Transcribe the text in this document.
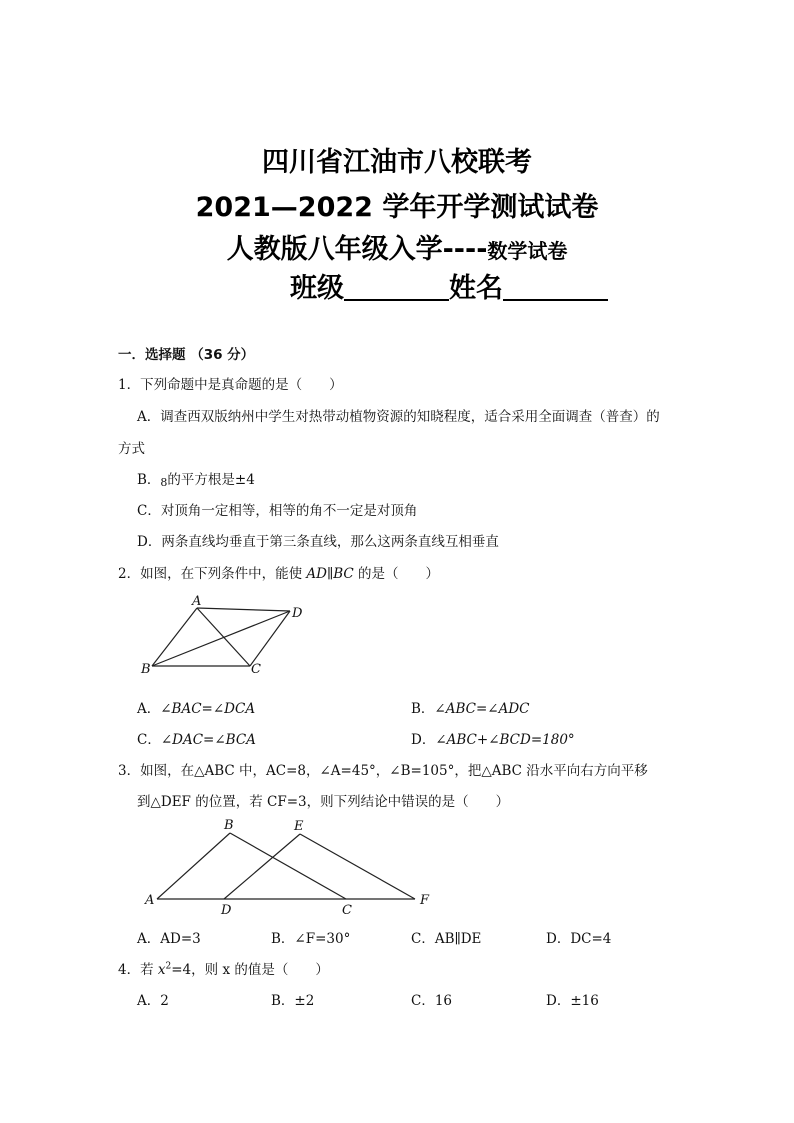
四川省江油市八校联考
2021—2022 学年开学测试试卷
人教版八年级入学----数学试卷
班级	姓名
一．选择题 （36 分）
1．下列命题中是真命题的是（　　）
A．调查西双版纳州中学生对热带动植物资源的知晓程度，适合采用全面调查（普查）的
方式
B．8的平方根是±4
C．对顶角一定相等，相等的角不一定是对顶角
D．两条直线均垂直于第三条直线，那么这两条直线互相垂直
2．如图，在下列条件中，能使 AD∥BC 的是（　　）
A
D
B	C
A．∠BAC=∠DCA	B．∠ABC=∠ADC
C．∠DAC=∠BCA	D．∠ABC+∠BCD=180°
3．如图，在△ABC 中，AC=8，∠A=45°，∠B=105°，把△ABC 沿水平向右方向平移
到△DEF 的位置，若 CF=3，则下列结论中错误的是（　　）
B	E
A
D	C
F
A．AD=3	B．∠F=30°	C．AB∥DE	D．DC=4
4．若 $x^2=4$，则 x 的值是（　　）
A．2	B．±2	C．16	D．±16
